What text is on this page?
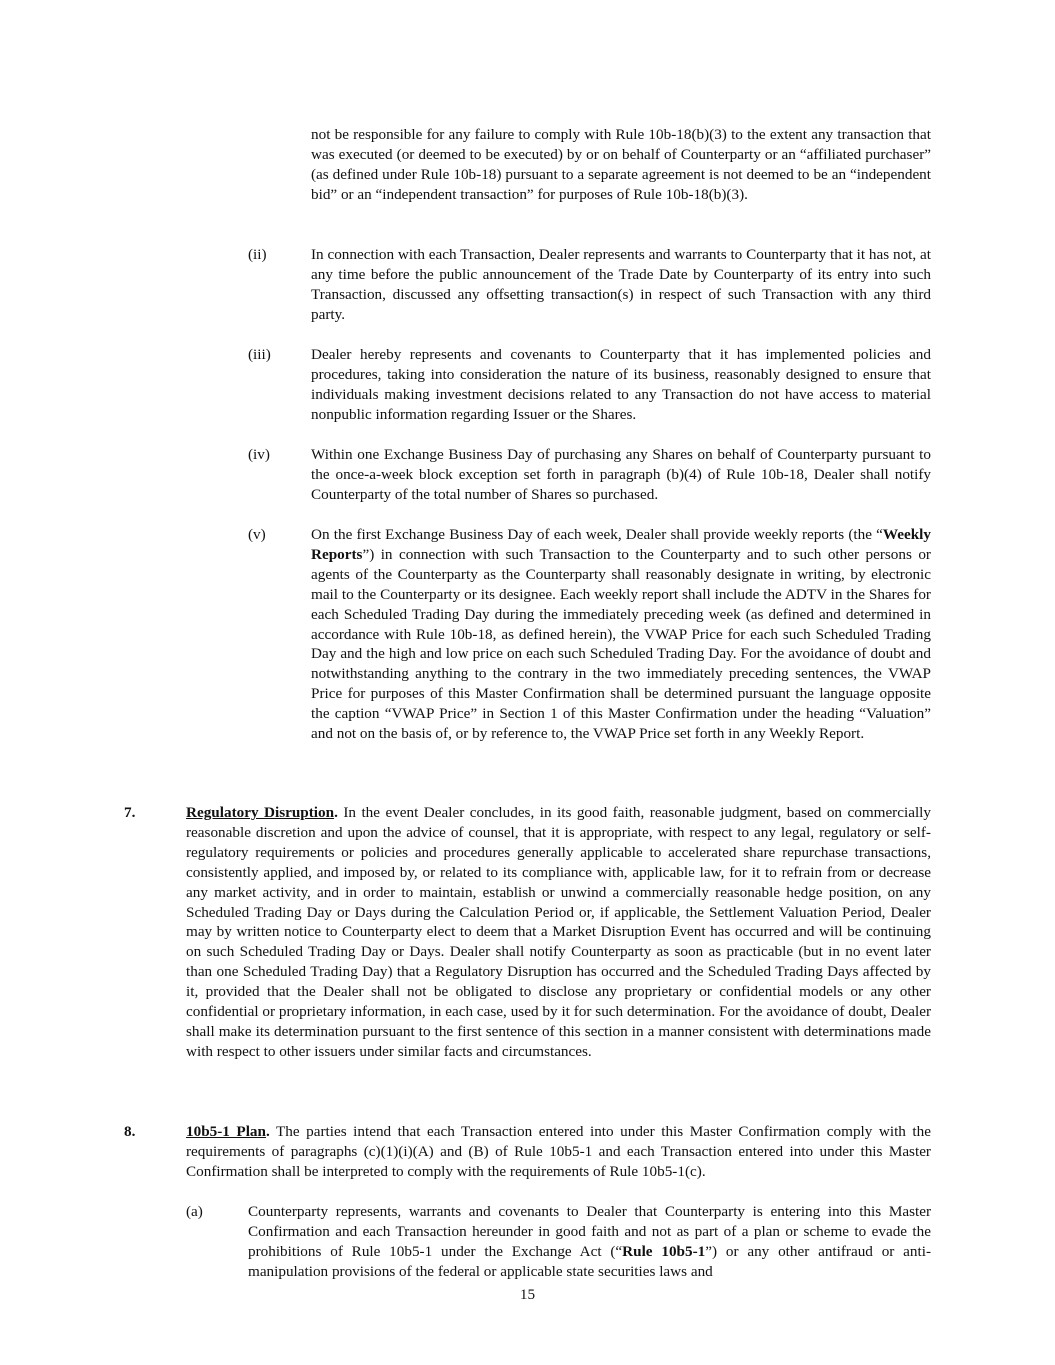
not be responsible for any failure to comply with Rule 10b-18(b)(3) to the extent any transaction that was executed (or deemed to be executed) by or on behalf of Counterparty or an “affiliated purchaser” (as defined under Rule 10b-18) pursuant to a separate agreement is not deemed to be an “independent bid” or an “independent transaction” for purposes of Rule 10b-18(b)(3).

(ii)	In connection with each Transaction, Dealer represents and warrants to Counterparty that it has not, at any time before the public announcement of the Trade Date by Counterparty of its entry into such Transaction, discussed any offsetting transaction(s) in respect of such Transaction with any third party.

(iii)	Dealer hereby represents and covenants to Counterparty that it has implemented policies and procedures, taking into consideration the nature of its business, reasonably designed to ensure that individuals making investment decisions related to any Transaction do not have access to material nonpublic information regarding Issuer or the Shares.

(iv)	Within one Exchange Business Day of purchasing any Shares on behalf of Counterparty pursuant to the once-a-week block exception set forth in paragraph (b)(4) of Rule 10b-18, Dealer shall notify Counterparty of the total number of Shares so purchased.

(v)	On the first Exchange Business Day of each week, Dealer shall provide weekly reports (the “Weekly Reports”) in connection with such Transaction to the Counterparty and to such other persons or agents of the Counterparty as the Counterparty shall reasonably designate in writing, by electronic mail to the Counterparty or its designee. Each weekly report shall include the ADTV in the Shares for each Scheduled Trading Day during the immediately preceding week (as defined and determined in accordance with Rule 10b-18, as defined herein), the VWAP Price for each such Scheduled Trading Day and the high and low price on each such Scheduled Trading Day. For the avoidance of doubt and notwithstanding anything to the contrary in the two immediately preceding sentences, the VWAP Price for purposes of this Master Confirmation shall be determined pursuant the language opposite the caption “VWAP Price” in Section 1 of this Master Confirmation under the heading “Valuation” and not on the basis of, or by reference to, the VWAP Price set forth in any Weekly Report.

7.	Regulatory Disruption. In the event Dealer concludes, in its good faith, reasonable judgment, based on commercially reasonable discretion and upon the advice of counsel, that it is appropriate, with respect to any legal, regulatory or self-regulatory requirements or policies and procedures generally applicable to accelerated share repurchase transactions, consistently applied, and imposed by, or related to its compliance with, applicable law, for it to refrain from or decrease any market activity, and in order to maintain, establish or unwind a commercially reasonable hedge position, on any Scheduled Trading Day or Days during the Calculation Period or, if applicable, the Settlement Valuation Period, Dealer may by written notice to Counterparty elect to deem that a Market Disruption Event has occurred and will be continuing on such Scheduled Trading Day or Days. Dealer shall notify Counterparty as soon as practicable (but in no event later than one Scheduled Trading Day) that a Regulatory Disruption has occurred and the Scheduled Trading Days affected by it, provided that the Dealer shall not be obligated to disclose any proprietary or confidential models or any other confidential or proprietary information, in each case, used by it for such determination. For the avoidance of doubt, Dealer shall make its determination pursuant to the first sentence of this section in a manner consistent with determinations made with respect to other issuers under similar facts and circumstances.

8.	10b5-1 Plan. The parties intend that each Transaction entered into under this Master Confirmation comply with the requirements of paragraphs (c)(1)(i)(A) and (B) of Rule 10b5-1 and each Transaction entered into under this Master Confirmation shall be interpreted to comply with the requirements of Rule 10b5-1(c).

(a)	Counterparty represents, warrants and covenants to Dealer that Counterparty is entering into this Master Confirmation and each Transaction hereunder in good faith and not as part of a plan or scheme to evade the prohibitions of Rule 10b5-1 under the Exchange Act (“Rule 10b5-1”) or any other antifraud or anti-manipulation provisions of the federal or applicable state securities laws and

15
